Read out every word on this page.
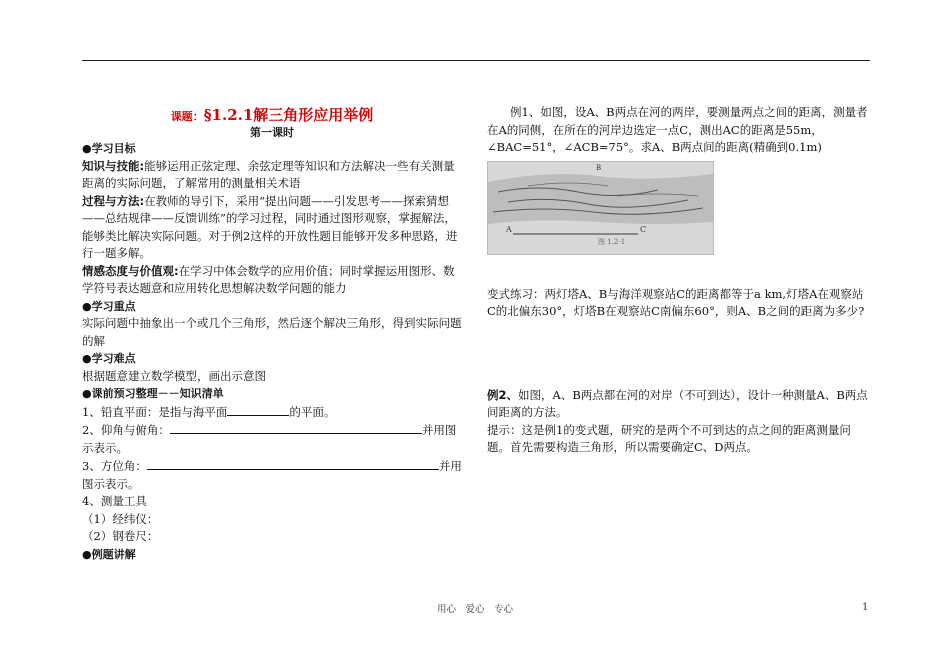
课题：§1.2.1解三角形应用举例
第一课时

●学习目标

知识与技能:能够运用正弦定理、余弦定理等知识和方法解决一些有关测量距离的实际问题，了解常用的测量相关术语

过程与方法:在教师的导引下，采用“提出问题——引发思考——探索猜想——总结规律——反馈训练”的学习过程，同时通过图形观察，掌握解法，能够类比解决实际问题。对于例2这样的开放性题目能够开发多种思路，进行一题多解。

情感态度与价值观:在学习中体会数学的应用价值；同时掌握运用图形、数学符号表达题意和应用转化思想解决数学问题的能力

●学习重点

实际问题中抽象出一个或几个三角形，然后逐个解决三角形，得到实际问题的解

●学习难点

根据题意建立数学模型，画出示意图

●课前预习整理－－知识清单

1、铅直平面：是指与海平面	的平面。

2、仰角与俯角：	并用图示表示。

3、方位角：	并用图示表示。

4、测量工具

（1）经纬仪：

（2）钢卷尺：

●例题讲解

例1、如图，设A、B两点在河的两岸，要测量两点之间的距离，测量者在A的同侧，在所在的河岸边选定一点C，测出AC的距离是55m，∠BAC=51°，∠ACB=75°。求A、B两点间的距离(精确到0.1m)

A	C
B
图 1.2-1

变式练习：两灯塔A、B与海洋观察站C的距离都等于a km,灯塔A在观察站C的北偏东30°，灯塔B在观察站C南偏东60°，则A、B之间的距离为多少?

例2、如图，A、B两点都在河的对岸（不可到达），设计一种测量A、B两点间距离的方法。

提示：这是例1的变式题，研究的是两个不可到达的点之间的距离测量问题。首先需要构造三角形，所以需要确定C、D两点。

用心　爱心　专心	1
